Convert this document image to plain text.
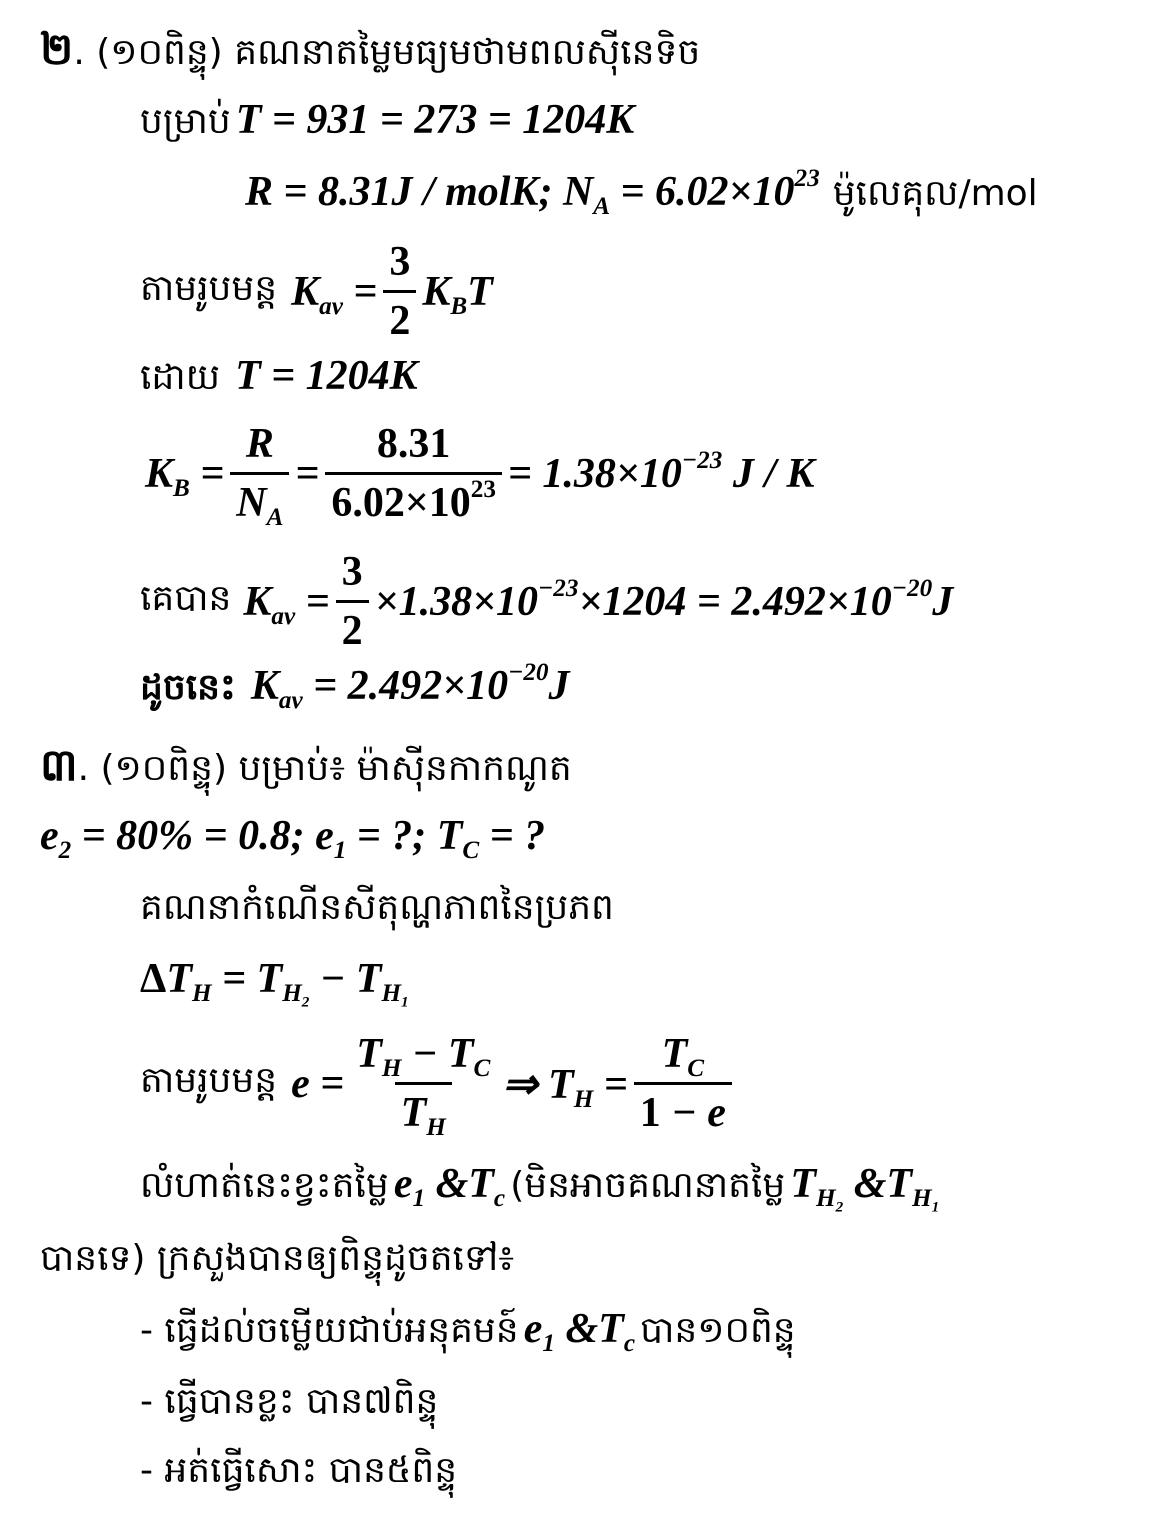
២. (១០ពិន្ទុ) គណនាតម្លៃមធ្យមថាមពលស៊ីនេទិច
បម្រាប់ T = 931 = 273 = 1204K
R = 8.31J / molK; $N_A = 6.02\times 10^{23}$ ម៉ូលេគុល/mol
តាមរូបមន្ត $K_{av} = \frac{3}{2} K_BT$
ដោយ T = 1204K
$K_B = \frac{R}{N_A} = \frac{8.31}{6.02\times 10^{23}} = 1.38\times 10^{-23}$ J / K
គេបាន $K_{av} = \frac{3}{2} \times 1.38\times 10^{-23}\times 1204 = 2.492\times 10^{-20}J$
ដូចនេះ $K_{av} = 2.492\times 10^{-20}J$
៣. (១០ពិន្ទុ) បម្រាប់៖ ម៉ាស៊ីនកាកណូត
$e_2 = 80\% = 0.8$; $e_1$ = ?; $T_C$ = ?
គណនាកំណើនសីតុណ្ហភាពនៃប្រភព
$\Delta T_H = T_{H_2} - T_{H_1}$
តាមរូបមន្ត $e = \frac{T_H - T_C}{T_H}$ ⇒ $T_H = \frac{T_C}{1 - e}$
លំហាត់នេះខ្វះតម្លៃ $e_1$ $\&T_c$ (មិនអាចគណនាតម្លៃ $T_{H_2}$ $\&T_{H_1}$
បានទេ) ក្រសួងបានឲ្យពិន្ទុដូចតទៅ៖
- ធ្វើដល់ចម្លើយជាប់អនុគមន៍ $e_1$ $\&T_c$ បាន១០ពិន្ទុ
- ធ្វើបានខ្លះ បាន៧ពិន្ទុ
- អត់ធ្វើសោះ បាន៥ពិន្ទុ
